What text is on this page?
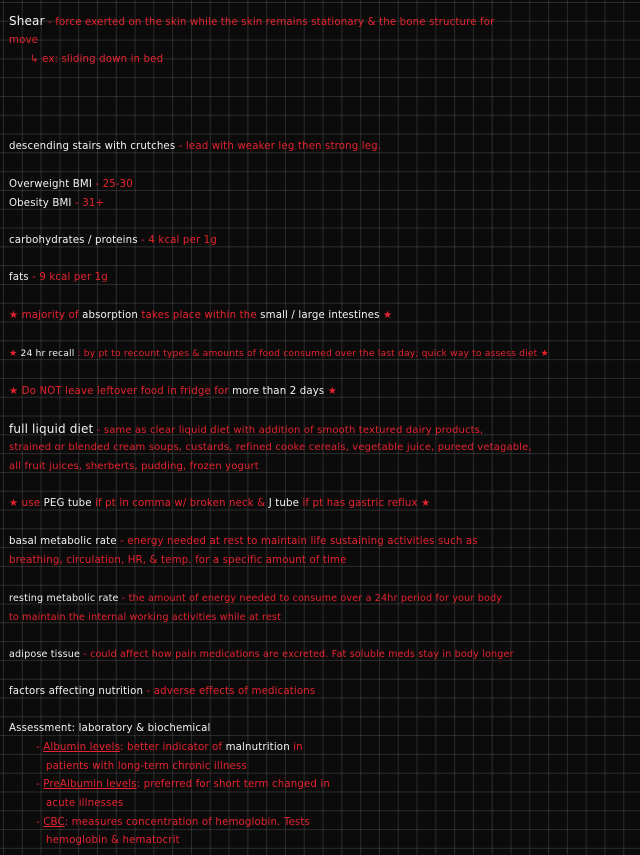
Shear - force exerted on the skin while the skin remains stationary & the bone structure for
move
↳ ex: sliding down in bed
descending stairs with crutches - lead with weaker leg then strong leg.
Overweight BMI - 25-30
Obesity BMI - 31+
carbohydrates / proteins - 4 kcal per 1g
fats - 9 kcal per 1g
★ majority of absorption takes place within the small / large intestines ★
★ 24 hr recall : by pt to recount types & amounts of food consumed over the last day; quick way to assess diet ★
★ Do NOT leave leftover food in fridge for more than 2 days ★
full liquid diet - same as clear liquid diet with addition of smooth textured dairy products,
strained or blended cream soups, custards, refined cooke cereals, vegetable juice, pureed vetagable,
all fruit juices, sherberts, pudding, frozen yogurt
★ use PEG tube if pt in comma w/ broken neck & J tube if pt has gastric reflux ★
basal metabolic rate - energy needed at rest to maintain life sustaining activities such as
breathing, circulation, HR, & temp. for a specific amount of time
resting metabolic rate - the amount of energy needed to consume over a 24hr period for your body
to maintain the internal working activities while at rest
adipose tissue - could affect how pain medications are excreted. Fat soluble meds stay in body longer
factors affecting nutrition - adverse effects of medications
Assessment: laboratory & biochemical
- Albumin levels: better indicator of malnutrition in
patients with long-term chronic illness
- PreAlbumin levels: preferred for short term changed in
acute illnesses
- CBC: measures concentration of hemoglobin. Tests
hemoglobin & hematocrit
